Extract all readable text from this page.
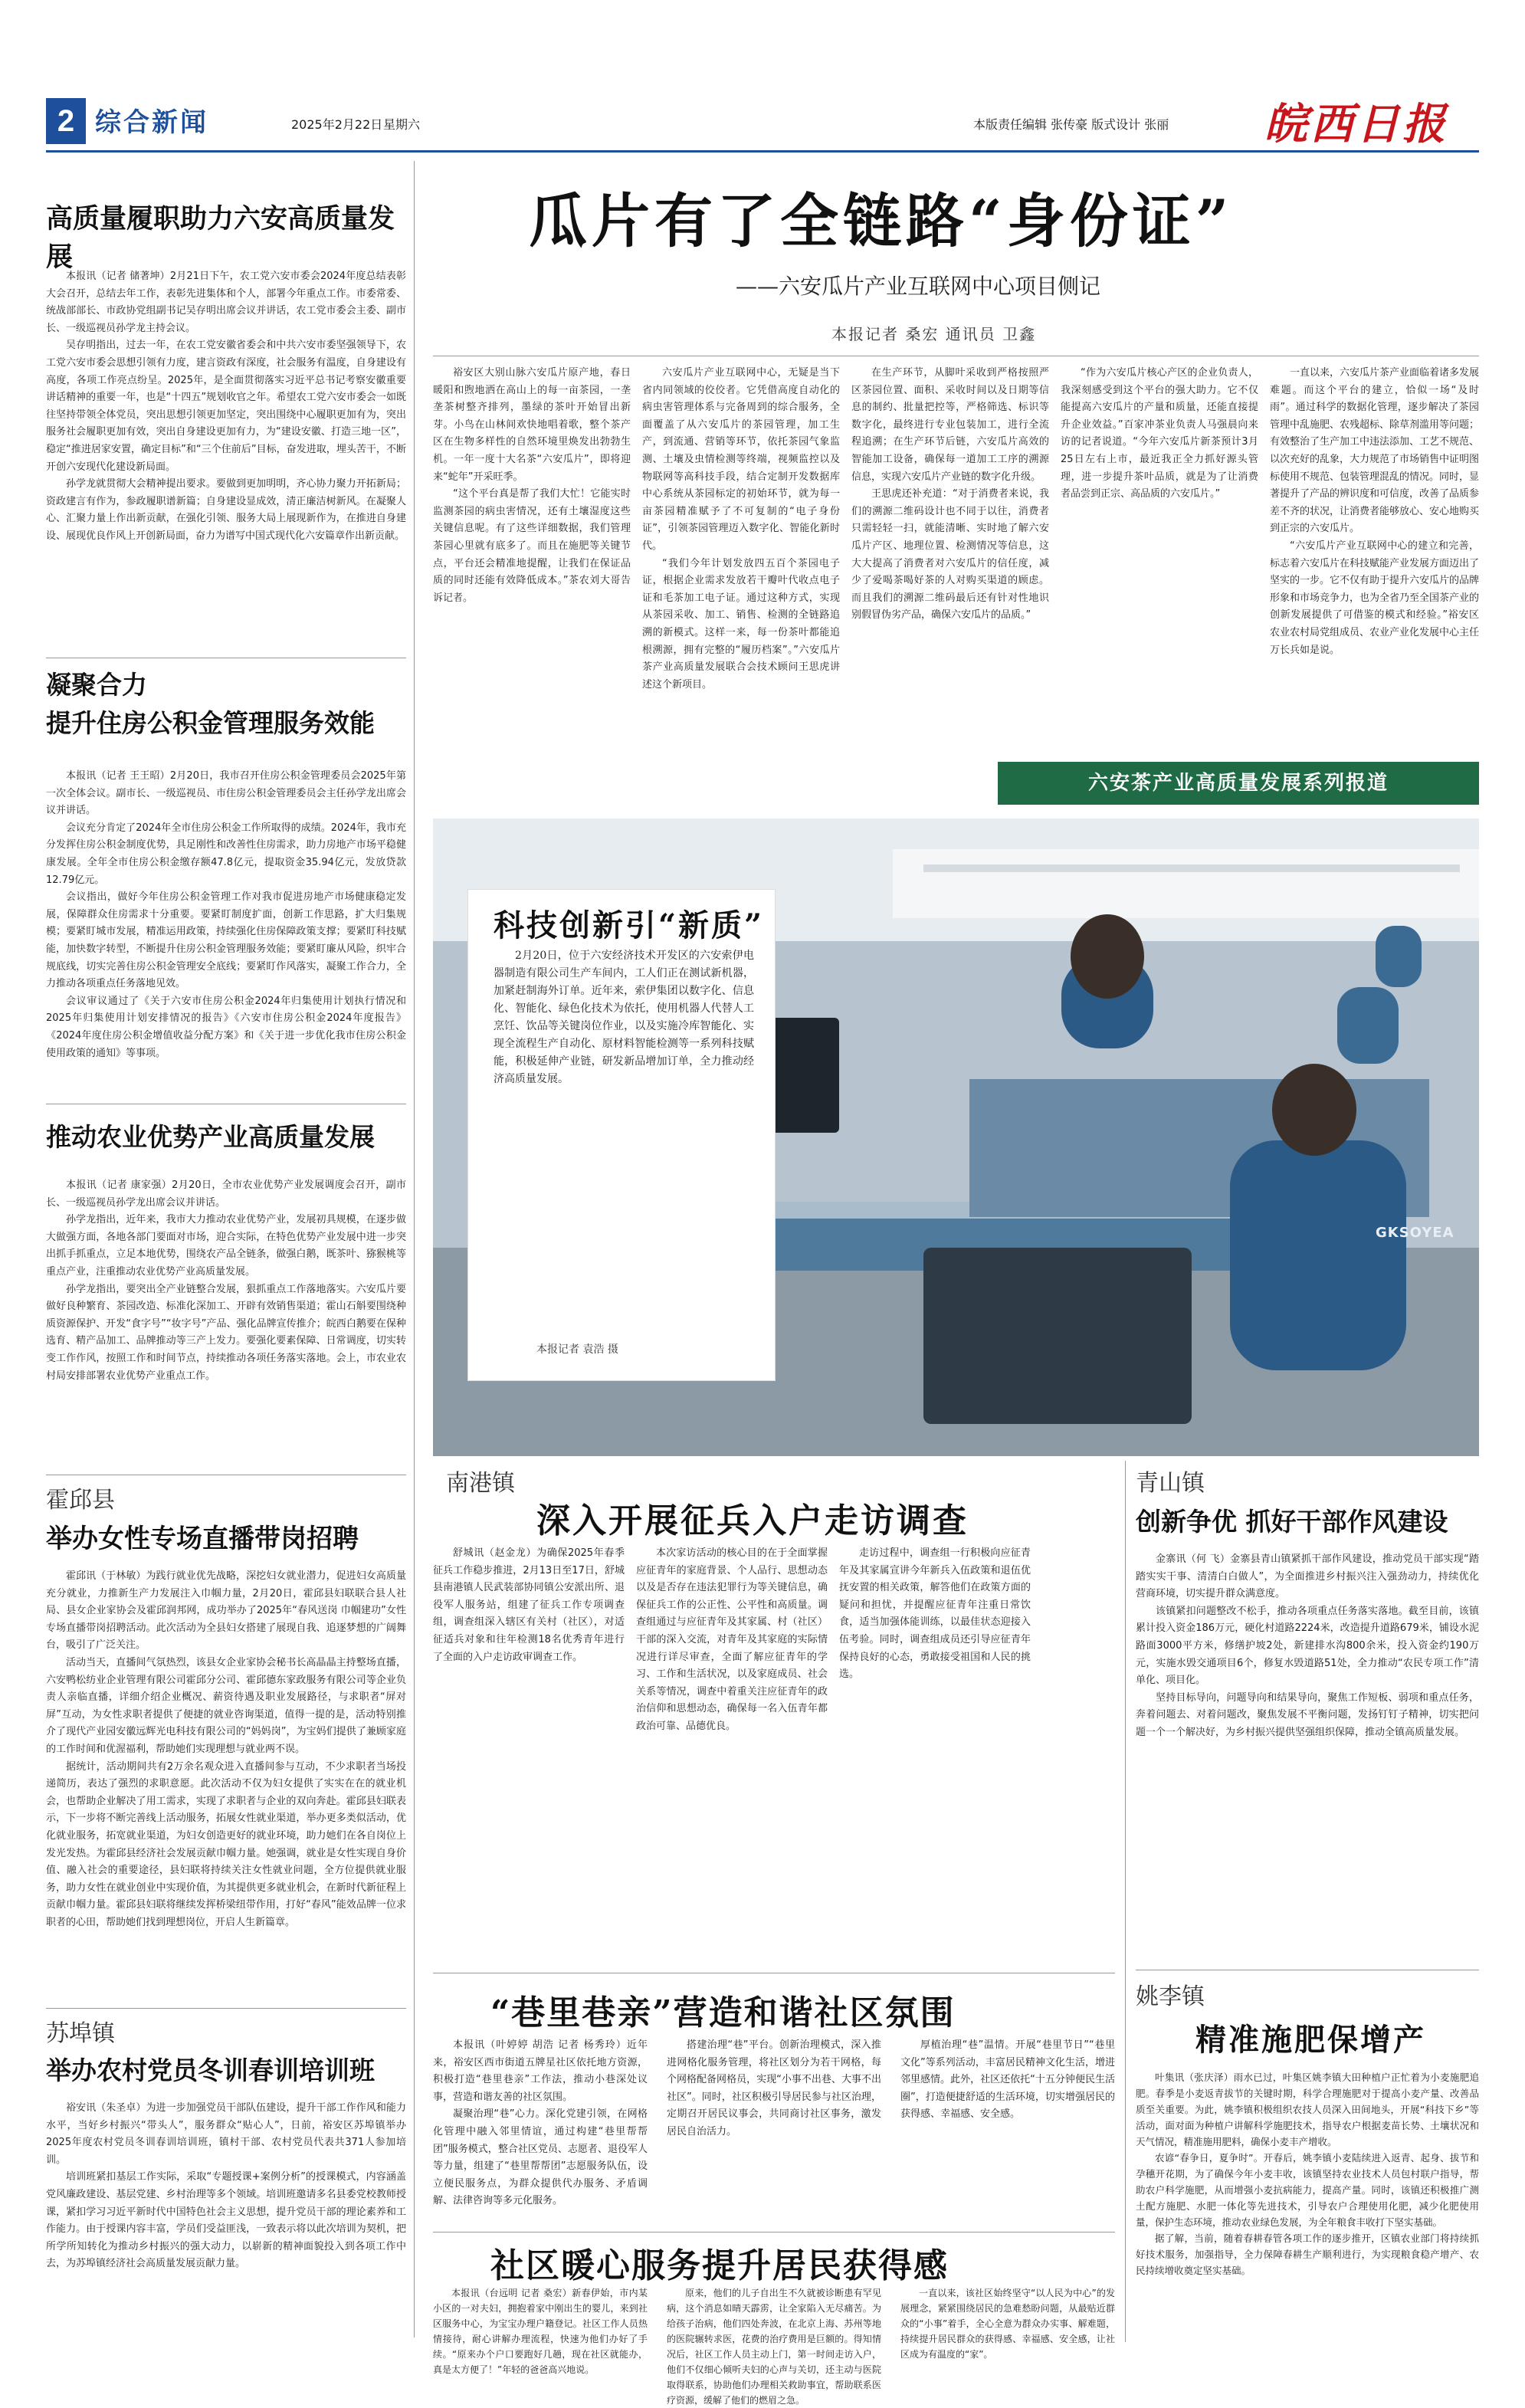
2 综合新闻	2025年2月22日 星期六	本版责任编辑 张传豪 版式设计 张丽 皖西日报
高质量履职助力六安高质量发展

本报讯（记者 储著坤）2月21日下午，农工党六安市委会2024年度总结表彰大会召开，总结去年工作，表彰先进集体和个人，部署今年重点工作。市委常委、统战部部长、市政协党组副书记吴存明出席会议并讲话，农工党市委会主委、副市长、一级巡视员孙学龙主持会议。

吴存明指出，过去一年，在农工党安徽省委会和中共六安市委坚强领导下，农工党六安市委会思想引领有力度，建言资政有深度，社会服务有温度，自身建设有高度，各项工作亮点纷呈。2025年，是全面贯彻落实习近平总书记考察安徽重要讲话精神的重要一年，也是“十四五”规划收官之年。希望农工党六安市委会一如既往坚持带领全体党员，突出思想引领更加坚定，突出围绕中心履职更加有为，突出服务社会履职更加有效，突出自身建设更加有力，为“建设安徽、打造三地一区”，稳定“推进居家安置，确定目标”和“三个住前后”目标，奋发进取，埋头苦干，不断开创六安现代化建设新局面。

孙学龙就贯彻大会精神提出要求。要做到更加明明，齐心协力聚力开拓新局；资政建言有作为，参政履职谱新篇；自身建设显成效，清正廉洁树新风。在凝聚人心、汇聚力量上作出新贡献，在强化引领、服务大局上展现新作为，在推进自身建设、展现优良作风上开创新局面，奋力为谱写中国式现代化六安篇章作出新贡献。

凝聚合力
提升住房公积金管理服务效能

本报讯（记者 王王昭）2月20日，我市召开住房公积金管理委员会2025年第一次全体会议。副市长、一级巡视员、市住房公积金管理委员会主任孙学龙出席会议并讲话。

会议充分肯定了2024年全市住房公积金工作所取得的成绩。2024年，我市充分发挥住房公积金制度优势，具足刚性和改善性住房需求，助力房地产市场平稳健康发展。全年全市住房公积金缴存额47.8亿元，提取资金35.94亿元，发放贷款12.79亿元。

会议指出，做好今年住房公积金管理工作对我市促进房地产市场健康稳定发展，保障群众住房需求十分重要。要紧盯制度扩面，创新工作思路，扩大归集规模；要紧盯城市发展，精准运用政策，持续强化住房保障政策支撑；要紧盯科技赋能，加快数字转型，不断提升住房公积金管理服务效能；要紧盯廉从风险，织牢合规底线，切实完善住房公积金管理安全底线；要紧盯作风落实，凝聚工作合力，全力推动各项重点任务落地见效。

会议审议通过了《关于六安市住房公积金2024年归集使用计划执行情况和2025年归集使用计划安排情况的报告》《六安市住房公积金2024年度报告》《2024年度住房公积金增值收益分配方案》和《关于进一步优化我市住房公积金使用政策的通知》等事项。

推动农业优势产业高质量发展

本报讯（记者 康家强）2月20日，全市农业优势产业发展调度会召开，副市长、一级巡视员孙学龙出席会议并讲话。

孙学龙指出，近年来，我市大力推动农业优势产业，发展初具规模，在逐步做大做强方面，各地各部门要面对市场，迎合实际，在特色优势产业发展中进一步突出抓手抓重点，立足本地优势，围绕农产品全链条，做强白鹅，既茶叶、猕猴桃等重点产业，注重推动农业优势产业高质量发展。

孙学龙指出，要突出全产业链整合发展，狠抓重点工作落地落实。六安瓜片要做好良种繁育、茶园改造、标准化深加工、开辟有效销售渠道；霍山石斛要围绕种质资源保护、开发“食字号”“妆字号”产品、强化品牌宣传推介；皖西白鹅要在保种选育、精产品加工、品牌推动等三产上发力。要强化要素保障、日常调度，切实转变工作作风，按照工作和时间节点，持续推动各项任务落实落地。会上，市农业农村局安排部署农业优势产业重点工作。

霍邱县
举办女性专场直播带岗招聘

霍邱讯（于林敏）为践行就业优先战略，深挖妇女就业潜力，促进妇女高质量充分就业，力推新生产力发展注入巾帼力量，2月20日，霍邱县妇联联合县人社局、县女企业家协会及霍邱润邦网，成功举办了2025年“春风送岗 巾帼建功”女性专场直播带岗招聘活动。此次活动为全县妇女搭建了展现自我、追逐梦想的广阔舞台，吸引了广泛关注。

活动当天，直播间气氛热烈，该县女企业家协会秘书长高晶晶主持整场直播，六安鸭松纺业企业管理有限公司霍邱分公司、霍邱德东家政服务有限公司等企业负责人亲临直播，详细介绍企业概况、薪资待遇及职业发展路径，与求职者“屏对屏”互动，为女性求职者提供了便捷的就业咨询渠道，值得一提的是，活动特别推介了现代产业园安徽远辉光电科技有限公司的“妈妈岗”，为宝妈们提供了兼顾家庭的工作时间和优渥福利，帮助她们实现理想与就业两不误。

据统计，活动期间共有2万余名观众进入直播间参与互动，不少求职者当场投递简历，表达了强烈的求职意愿。此次活动不仅为妇女提供了实实在在的就业机会，也帮助企业解决了用工需求，实现了求职者与企业的双向奔赴。霍邱县妇联表示，下一步将不断完善线上活动服务，拓展女性就业渠道，举办更多类似活动，优化就业服务，拓宽就业渠道，为妇女创造更好的就业环境，助力她们在各自岗位上发光发热。为霍邱县经济社会发展贡献巾帼力量。她强调，就业是女性实现自身价值、融入社会的重要途径，县妇联将持续关注女性就业问题，全方位提供就业服务，助力女性在就业创业中实现价值，为其提供更多就业机会，在新时代新征程上贡献巾帼力量。霍邱县妇联将继续发挥桥梁纽带作用，打好“春风”能效品牌一位求职者的心田，帮助她们找到理想岗位，开启人生新篇章。

苏埠镇
举办农村党员冬训春训培训班

裕安讯（朱圣卓）为进一步加强党员干部队伍建设，提升干部工作作风和能力水平，当好乡村振兴“带头人”，服务群众“贴心人”，日前，裕安区苏埠镇举办2025年度农村党员冬训春训培训班，镇村干部、农村党员代表共371人参加培训。

培训班紧扣基层工作实际，采取“专题授课+案例分析”的授课模式，内容涵盖党风廉政建设、基层党建、乡村治理等多个领域。培训班邀请多名县委党校教师授课，紧扣学习习近平新时代中国特色社会主义思想，提升党员干部的理论素养和工作能力。由于授课内容丰富，学员们受益匪浅，一致表示将以此次培训为契机，把所学所知转化为推动乡村振兴的强大动力，以崭新的精神面貌投入到各项工作中去，为苏埠镇经济社会高质量发展贡献力量。

瓜片有了全链路“身份证”
——六安瓜片产业互联网中心项目侧记
本报记者 桑宏 通讯员 卫鑫

裕安区大别山脉六安瓜片原产地，春日暖阳和煦地洒在高山上的每一亩茶园，一垄垄茶树整齐排列，墨绿的茶叶开始冒出新芽。小鸟在山林间欢快地唱着歌，整个茶产区在生物多样性的自然环境里焕发出勃勃生机。一年一度十大名茶“六安瓜片”，即将迎来“蛇年”开采旺季。

“这个平台真是帮了我们大忙！它能实时监测茶园的病虫害情况，还有土壤湿度这些关键信息呢。有了这些详细数据，我们管理茶园心里就有底多了。而且在施肥等关键节点，平台还会精准地提醒，让我们在保证品质的同时还能有效降低成本。”茶农刘大哥告诉记者。

六安瓜片产业互联网中心，无疑是当下省内同领域的佼佼者。它凭借高度自动化的病虫害管理体系与完备周到的综合服务，全面覆盖了从六安瓜片的茶园管理，加工生产，到流通、营销等环节，依托茶园气象监测、土壤及虫情检测等终端，视频监控以及物联网等高科技手段，结合定制开发数据库中心系统从茶园标定的初始环节，就为每一亩茶园精准赋予了不可复制的“电子身份证”，引领茶园管理迈入数字化、智能化新时代。

“我们今年计划发放四五百个茶园电子证，根据企业需求发放若干瓣叶代收点电子证和毛茶加工电子证。通过这种方式，实现从茶园采收、加工、销售、检测的全链路追溯的新模式。这样一来，每一份茶叶都能追根溯源，拥有完整的“履历档案”。”六安瓜片茶产业高质量发展联合会技术顾问王思虎讲述这个新项目。

在生产环节，从脚叶采收到严格按照严区茶园位置、面积、采收时间以及日期等信息的制约、批量把控等，严格筛选、标识等数字化，最终进行专业包装加工，进行全流程追溯；在生产环节后链，六安瓜片高效的智能加工设备，确保每一道加工工序的溯源信息，实现六安瓜片产业链的数字化升级。

王思虎还补充道：“对于消费者来说，我们的溯源二维码设计也不同于以往，消费者只需轻轻一扫，就能清晰、实时地了解六安瓜片产区、地理位置、检测情况等信息，这大大提高了消费者对六安瓜片的信任度，减少了爱喝茶喝好茶的人对购买渠道的顾虑。而且我们的溯源二维码最后还有针对性地识别假冒伪劣产品，确保六安瓜片的品质。”

“作为六安瓜片核心产区的企业负责人，我深刻感受到这个平台的强大助力。它不仅能提高六安瓜片的产量和质量，还能直接提升企业效益。”百家冲茶业负责人马强晨向来访的记者说道。“今年六安瓜片新茶预计3月25日左右上市，最近我正全力抓好源头管理，进一步提升茶叶品质，就是为了让消费者品尝到正宗、高品质的六安瓜片。”

一直以来，六安瓜片茶产业面临着诸多发展难题。而这个平台的建立，恰似一场“及时雨”。通过科学的数据化管理，逐步解决了茶园管理中乱施肥、农残超标、除草剂滥用等问题；有效整治了生产加工中违法添加、工艺不规范、以次充好的乱象，大力规范了市场销售中证明图标使用不规范、包装管理混乱的情况。同时，显著提升了产品的辨识度和可信度，改善了品质参差不齐的状况，让消费者能够放心、安心地购买到正宗的六安瓜片。

“六安瓜片产业互联网中心的建立和完善，标志着六安瓜片在科技赋能产业发展方面迈出了坚实的一步。它不仅有助于提升六安瓜片的品牌形象和市场竞争力，也为全省乃至全国茶产业的创新发展提供了可借鉴的模式和经验。”裕安区农业农村局党组成员、农业产业化发展中心主任万长兵如是说。

六安茶产业高质量发展系列报道
GKSOYEA
科技创新引“新质”

2月20日，位于六安经济技术开发区的六安索伊电器制造有限公司生产车间内，工人们正在测试新机器，加紧赶制海外订单。近年来，索伊集团以数字化、信息化、智能化、绿色化技术为依托，使用机器人代替人工烹饪、饮品等关键岗位作业，以及实施冷库智能化、实现全流程生产自动化、原材料智能检测等一系列科技赋能，积极延伸产业链，研发新品增加订单，全力推动经济高质量发展。

本报记者 袁浩 摄
南港镇
深入开展征兵入户走访调查

舒城讯（赵金龙）为确保2025年春季征兵工作稳步推进，2月13日至17日，舒城县南港镇人民武装部协同镇公安派出所、退役军人服务站，组建了征兵工作专项调查组，调查组深入辖区有关村（社区），对适征适兵对象和往年检测18名优秀青年进行了全面的入户走访政审调查工作。

本次家访活动的核心目的在于全面掌握应征青年的家庭背景、个人品行、思想动态以及是否存在违法犯罪行为等关键信息，确保征兵工作的公正性、公平性和高质量。调查组通过与应征青年及其家属、村（社区）干部的深入交流，对青年及其家庭的实际情况进行详尽审查，全面了解应征青年的学习、工作和生活状况，以及家庭成员、社会关系等情况，调查中着重关注应征青年的政治信仰和思想动态，确保每一名入伍青年都政治可靠、品德优良。

走访过程中，调查组一行积极向应征青年及其家属宣讲今年新兵入伍政策和退伍优抚安置的相关政策，解答他们在政策方面的疑问和担忧，并提醒应征青年注重日常饮食，适当加强体能训练，以最佳状态迎接入伍考验。同时，调查组成员还引导应征青年保持良好的心态，勇敢接受祖国和人民的挑选。

青山镇
创新争优 抓好干部作风建设

金寨讯（何 飞）金寨县青山镇紧抓干部作风建设，推动党员干部实现“踏踏实实干事、清清白白做人”，为全面推进乡村振兴注入强劲动力，持续优化营商环境，切实提升群众满意度。

该镇紧扣问题整改不松手，推动各项重点任务落实落地。截至目前，该镇累计投入资金186万元，硬化村道路2224米，改造提升道路679米，铺设水泥路面3000平方米，修缮护坡2处，新建排水沟800余米，投入资金约190万元，实施水毁交通项目6个，修复水毁道路51处，全力推动“农民专项工作”清单化、项目化。

坚持目标导向，问题导向和结果导向，聚焦工作短板、弱项和重点任务，奔着问题去、对着问题改，聚焦发展不平衡问题，发扬钉钉子精神，切实把问题一个一个解决好，为乡村振兴提供坚强组织保障，推动全镇高质量发展。

“巷里巷亲”营造和谐社区氛围

本报讯（叶婷婷 胡浩 记者 杨秀玲）近年来，裕安区西市街道五牌星社区依托地方资源，积极打造“巷里巷亲”工作法，推动小巷深处议事，营造和谐友善的社区氛围。

凝聚治理“巷”心力。深化党建引领，在网格化管理中融入邻里情谊，通过构建“巷里帮帮团”服务模式，整合社区党员、志愿者、退役军人等力量，组建了“巷里帮帮团”志愿服务队伍，设立便民服务点，为群众提供代办服务、矛盾调解、法律咨询等多元化服务。

搭建治理“巷”平台。创新治理模式，深入推进网格化服务管理，将社区划分为若干网格，每个网格配备网格员，实现“小事不出巷、大事不出社区”。同时，社区积极引导居民参与社区治理，定期召开居民议事会，共同商讨社区事务，激发居民自治活力。

厚植治理“巷”温情。开展“巷里节日”“巷里文化”等系列活动，丰富居民精神文化生活，增进邻里感情。此外，社区还依托“十五分钟便民生活圈”，打造便捷舒适的生活环境，切实增强居民的获得感、幸福感、安全感。

社区暖心服务提升居民获得感

本报讯（台远明 记者 桑宏）新春伊始，市内某小区的一对夫妇，拥抱着家中刚出生的婴儿，来到社区服务中心，为宝宝办理户籍登记。社区工作人员热情接待，耐心讲解办理流程，快速为他们办好了手续。“原来办个户口要跑好几趟，现在社区就能办，真是太方便了！”年轻的爸爸高兴地说。

原来，他们的儿子自出生不久就被诊断患有罕见病，这个消息如晴天霹雳，让全家陷入无尽痛苦。为给孩子治病，他们四处奔波，在北京上海、苏州等地的医院辗转求医，花费的治疗费用是巨额的。得知情况后，社区工作人员主动上门，第一时间走访入户，他们不仅细心倾听夫妇的心声与关切，还主动与医院取得联系，协助他们办理相关救助事宜，帮助联系医疗资源，缓解了他们的燃眉之急。

一直以来，该社区始终坚守“以人民为中心”的发展理念，紧紧围绕居民的急难愁盼问题，从最贴近群众的“小事”着手，全心全意为群众办实事、解难题，持续提升居民群众的获得感、幸福感、安全感，让社区成为有温度的“家”。

姚李镇
精准施肥保增产

叶集讯（张庆泽）雨水已过，叶集区姚李镇大田种植户正忙着为小麦施肥追肥。春季是小麦返青拔节的关键时期，科学合理施肥对于提高小麦产量、改善品质至关重要。为此，姚李镇积极组织农技人员深入田间地头，开展“科技下乡”等活动，面对面为种植户讲解科学施肥技术，指导农户根据麦苗长势、土壤状况和天气情况，精准施用肥料，确保小麦丰产增收。

农谚“春争日，夏争时”。开春后，姚李镇小麦陆续进入返青、起身、拔节和孕穗开花期，为了确保今年小麦丰收，该镇坚持农业技术人员包村联户指导，帮助农户科学施肥，从而增强小麦抗病能力，提高产量。同时，该镇还积极推广测土配方施肥、水肥一体化等先进技术，引导农户合理使用化肥，减少化肥使用量，保护生态环境，推动农业绿色发展，为全年粮食丰收打下坚实基础。

据了解，当前，随着春耕春管各项工作的逐步推开，区镇农业部门将持续抓好技术服务，加强指导，全力保障春耕生产顺利进行，为实现粮食稳产增产、农民持续增收奠定坚实基础。
